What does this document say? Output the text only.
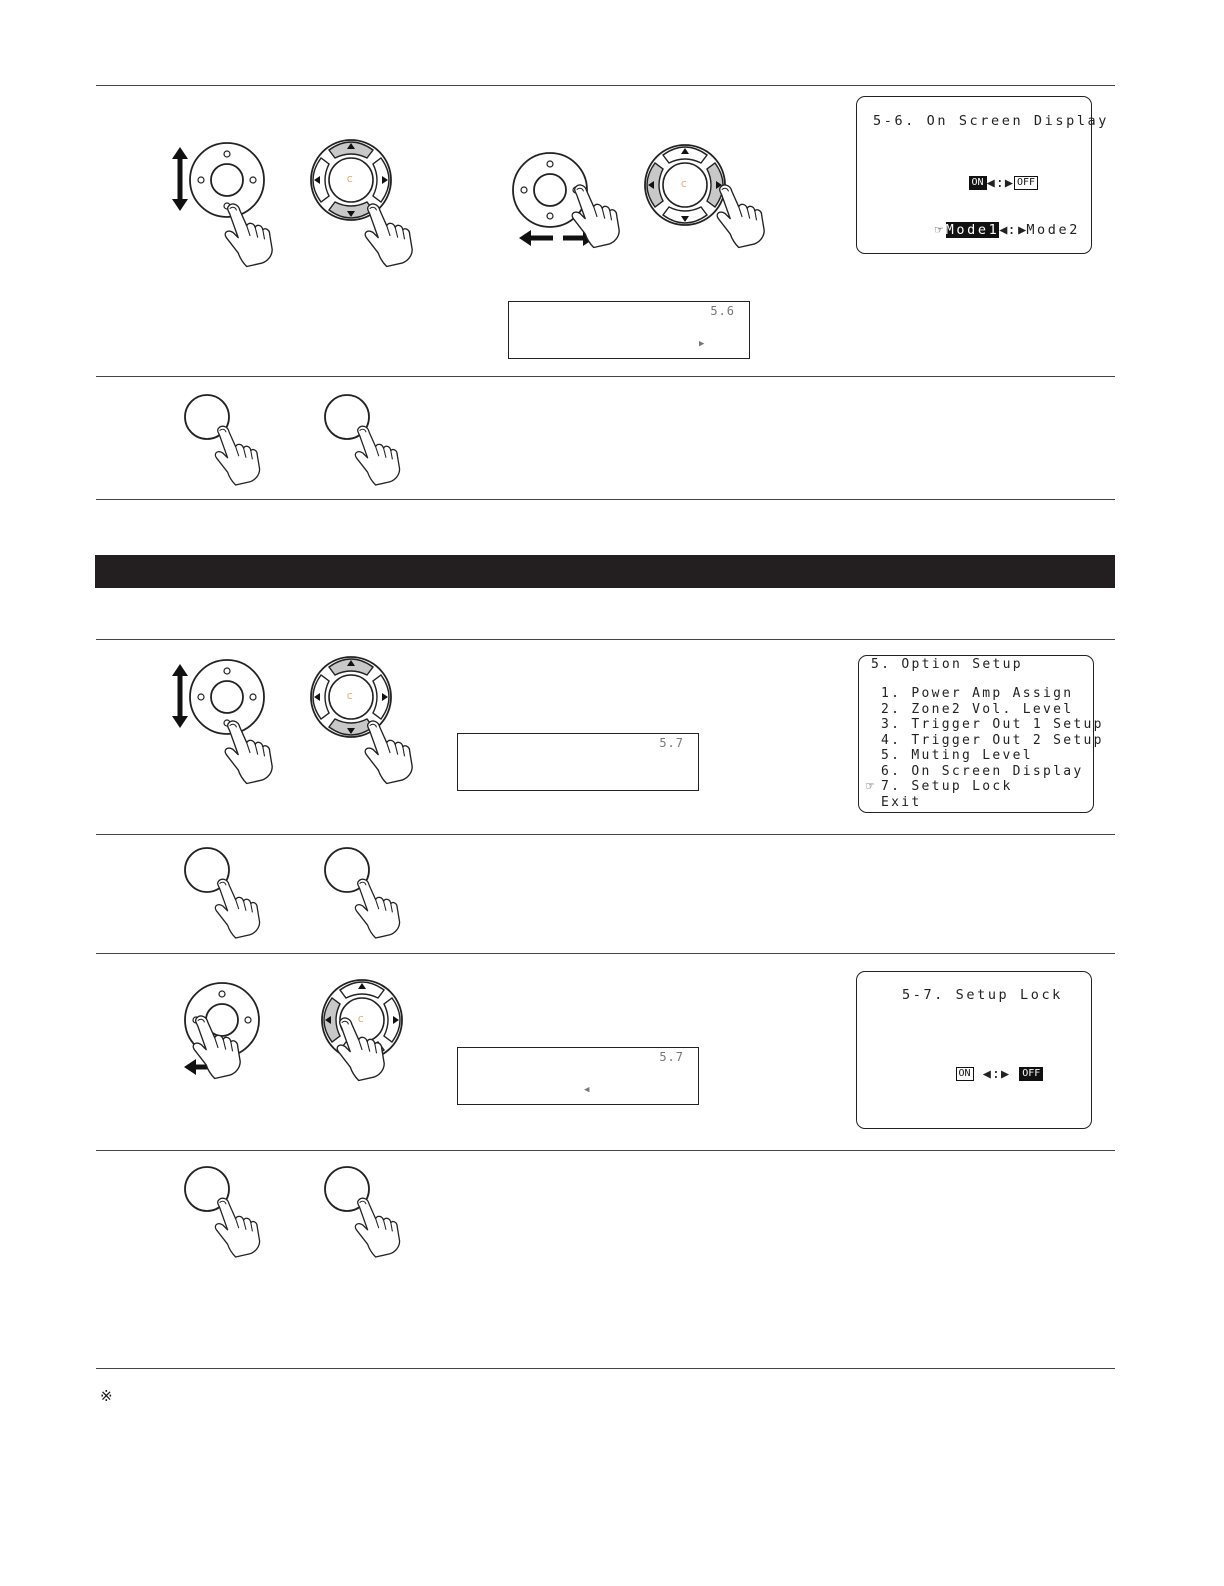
5-6. On Screen Display

ON ◀:▶ OFF

☞Mode1◀:▶Mode2

5.6
▶
5.7
5. Option Setup
1. Power Amp Assign
2. Zone2 Vol. Level
3. Trigger Out 1 Setup
4. Trigger Out 2 Setup
5. Muting Level
6. On Screen Display
☞ 7. Setup Lock
Exit
5.7
◀
5-7. Setup Lock

ON ◀:▶ OFF

※
